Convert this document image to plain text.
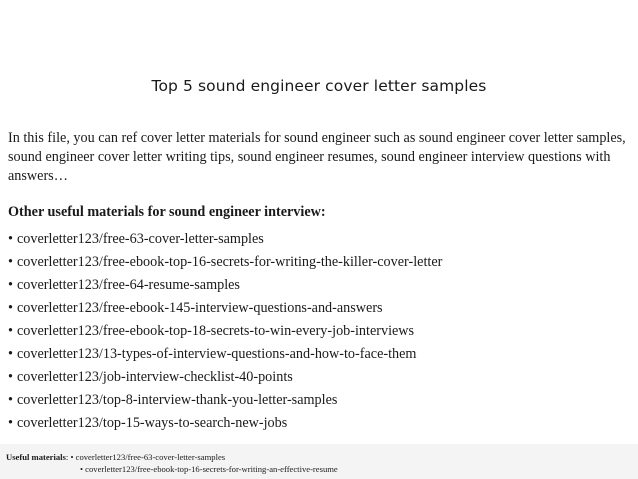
Top 5 sound engineer cover letter samples
In this file, you can ref cover letter materials for sound engineer such as sound engineer cover letter samples, sound engineer cover letter writing tips, sound engineer resumes, sound engineer interview questions with answers…
Other useful materials for sound engineer interview:
• coverletter123/free-63-cover-letter-samples
• coverletter123/free-ebook-top-16-secrets-for-writing-the-killer-cover-letter
• coverletter123/free-64-resume-samples
• coverletter123/free-ebook-145-interview-questions-and-answers
• coverletter123/free-ebook-top-18-secrets-to-win-every-job-interviews
• coverletter123/13-types-of-interview-questions-and-how-to-face-them
• coverletter123/job-interview-checklist-40-points
• coverletter123/top-8-interview-thank-you-letter-samples
• coverletter123/top-15-ways-to-search-new-jobs
Useful materials: • coverletter123/free-63-cover-letter-samples
• coverletter123/free-ebook-top-16-secrets-for-writing-an-effective-resume
